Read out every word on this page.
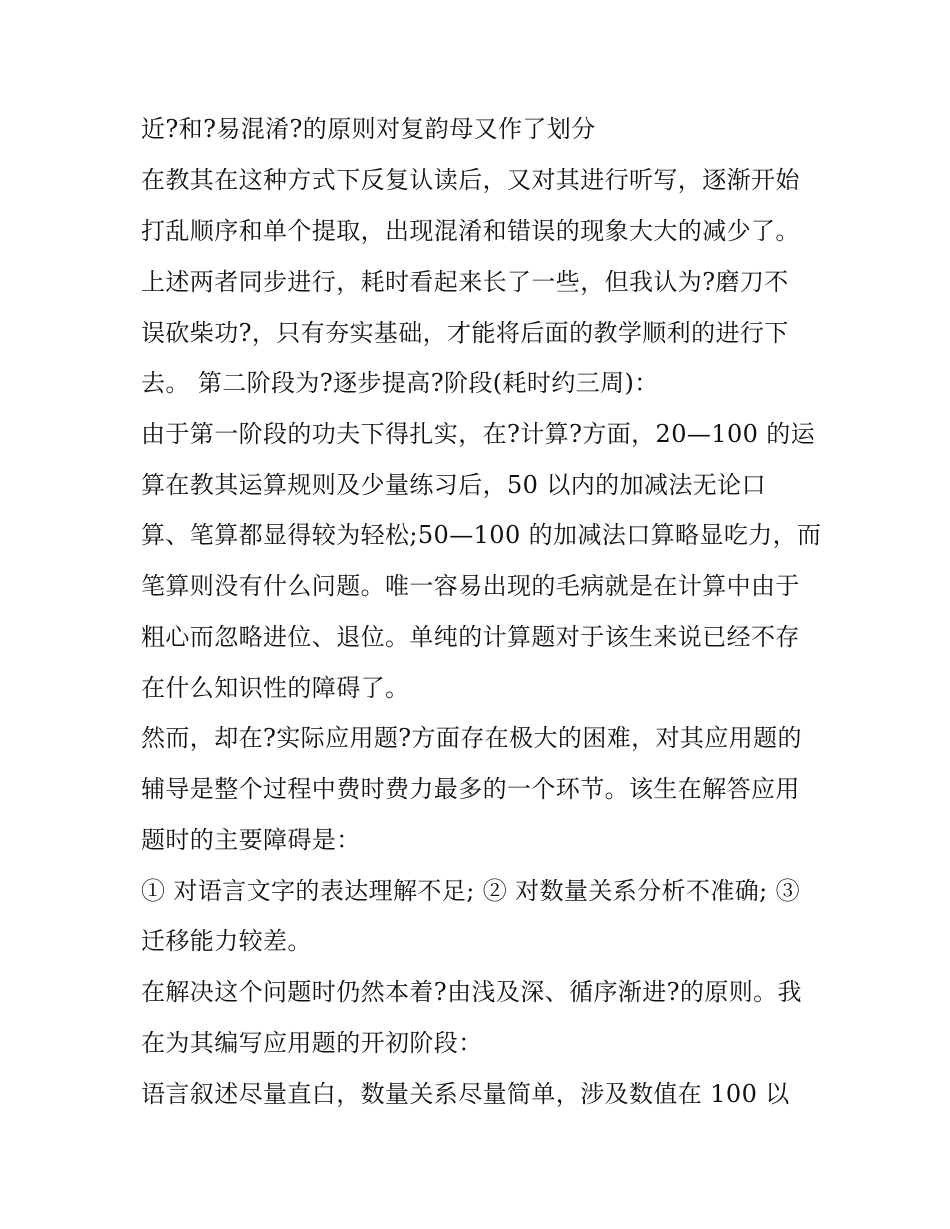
近?和?易混淆?的原则对复韵母又作了划分

在教其在这种方式下反复认读后，又对其进行听写，逐渐开始

打乱顺序和单个提取，出现混淆和错误的现象大大的减少了。

上述两者同步进行，耗时看起来长了一些，但我认为?磨刀不

误砍柴功?，只有夯实基础，才能将后面的教学顺利的进行下

去。 第二阶段为?逐步提高?阶段(耗时约三周)：

由于第一阶段的功夫下得扎实，在?计算?方面，20—100 的运

算在教其运算规则及少量练习后，50 以内的加减法无论口

算、笔算都显得较为轻松;50—100 的加减法口算略显吃力，而

笔算则没有什么问题。唯一容易出现的毛病就是在计算中由于

粗心而忽略进位、退位。单纯的计算题对于该生来说已经不存

在什么知识性的障碍了。

然而，却在?实际应用题?方面存在极大的困难，对其应用题的

辅导是整个过程中费时费力最多的一个环节。该生在解答应用

题时的主要障碍是：

① 对语言文字的表达理解不足; ② 对数量关系分析不准确; ③

迁移能力较差。

在解决这个问题时仍然本着?由浅及深、循序渐进?的原则。我

在为其编写应用题的开初阶段：

语言叙述尽量直白，数量关系尽量简单，涉及数值在 100 以
